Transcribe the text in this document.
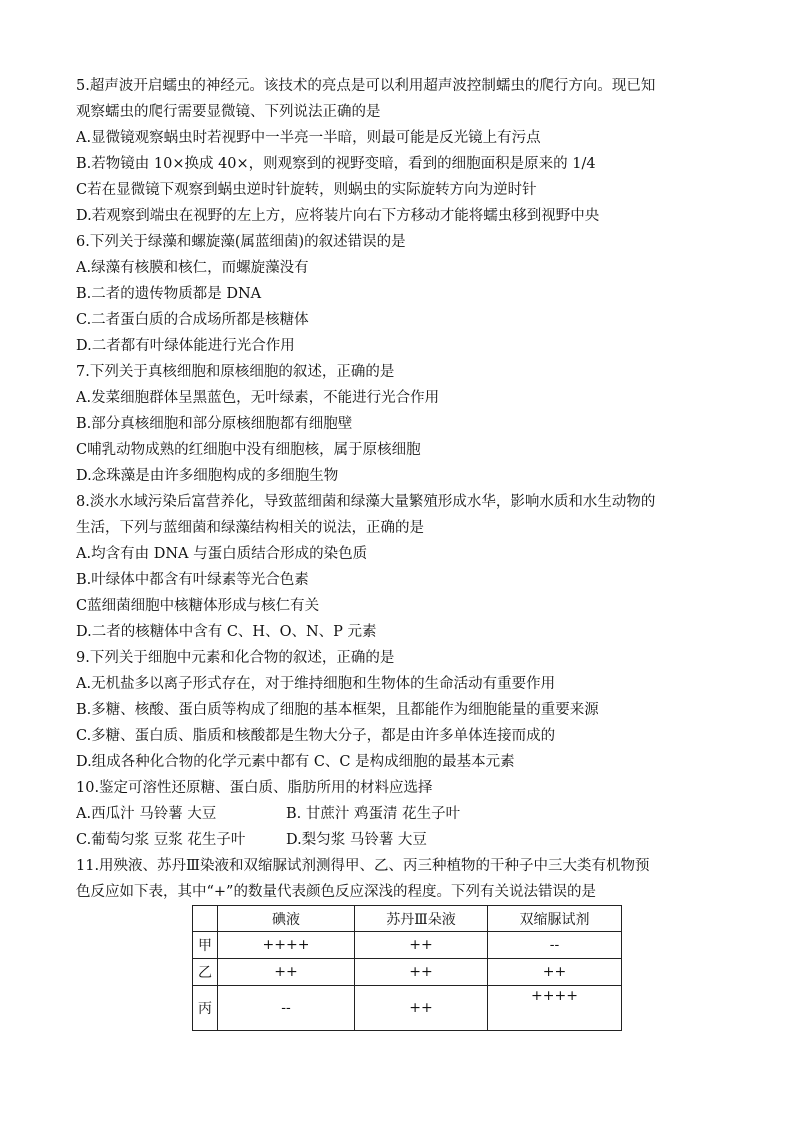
5.超声波开启蠕虫的神经元。该技术的亮点是可以利用超声波控制蠕虫的爬行方向。现已知
观察蠕虫的爬行需要显微镜、下列说法正确的是
A.显微镜观察蜗虫时若视野中一半亮一半暗，则最可能是反光镜上有污点
B.若物镜由 10×换成 40×，则观察到的视野变暗，看到的细胞面积是原来的 1/4
C若在显微镜下观察到蜗虫逆时针旋转，则蜗虫的实际旋转方向为逆时针
D.若观察到端虫在视野的左上方，应将装片向右下方移动才能将蠕虫移到视野中央
6.下列关于绿藻和螺旋藻(属蓝细菌)的叙述错误的是
A.绿藻有核膜和核仁，而螺旋藻没有
B.二者的遗传物质都是 DNA
C.二者蛋白质的合成场所都是核糖体
D.二者都有叶绿体能进行光合作用
7.下列关于真核细胞和原核细胞的叙述，正确的是
A.发菜细胞群体呈黑蓝色，无叶绿素，不能进行光合作用
B.部分真核细胞和部分原核细胞都有细胞壁
C哺乳动物成熟的红细胞中没有细胞核，属于原核细胞
D.念珠藻是由许多细胞构成的多细胞生物
8.淡水水域污染后富营养化，导致蓝细菌和绿藻大量繁殖形成水华，影响水质和水生动物的
生活，下列与蓝细菌和绿藻结构相关的说法，正确的是
A.均含有由 DNA 与蛋白质结合形成的染色质
B.叶绿体中都含有叶绿素等光合色素
C蓝细菌细胞中核糖体形成与核仁有关
D.二者的核糖体中含有 C、H、O、N、P 元素
9.下列关于细胞中元素和化合物的叙述，正确的是
A.无机盐多以离子形式存在，对于维持细胞和生物体的生命活动有重要作用
B.多糖、核酸、蛋白质等构成了细胞的基本框架，且都能作为细胞能量的重要来源
C.多糖、蛋白质、脂质和核酸都是生物大分子，都是由许多单体连接而成的
D.组成各种化合物的化学元素中都有 C、C 是构成细胞的最基本元素
10.鉴定可溶性还原糖、蛋白质、脂肪所用的材料应选择
A.西瓜汁 马铃薯 大豆	B. 甘蔗汁 鸡蛋清 花生子叶
C.葡萄匀浆 豆浆 花生子叶	D.梨匀浆 马铃薯 大豆
11.用殃液、苏丹Ⅲ染液和双缩脲试剂测得甲、乙、丙三种植物的干种子中三大类有机物预
色反应如下表，其中“+”的数量代表颜色反应深浅的程度。下列有关说法错误的是
	碘液	苏丹Ⅲ朵液	双缩脲试剂
甲	++++	++	--
乙	++	++	++
丙	--	++	++++
